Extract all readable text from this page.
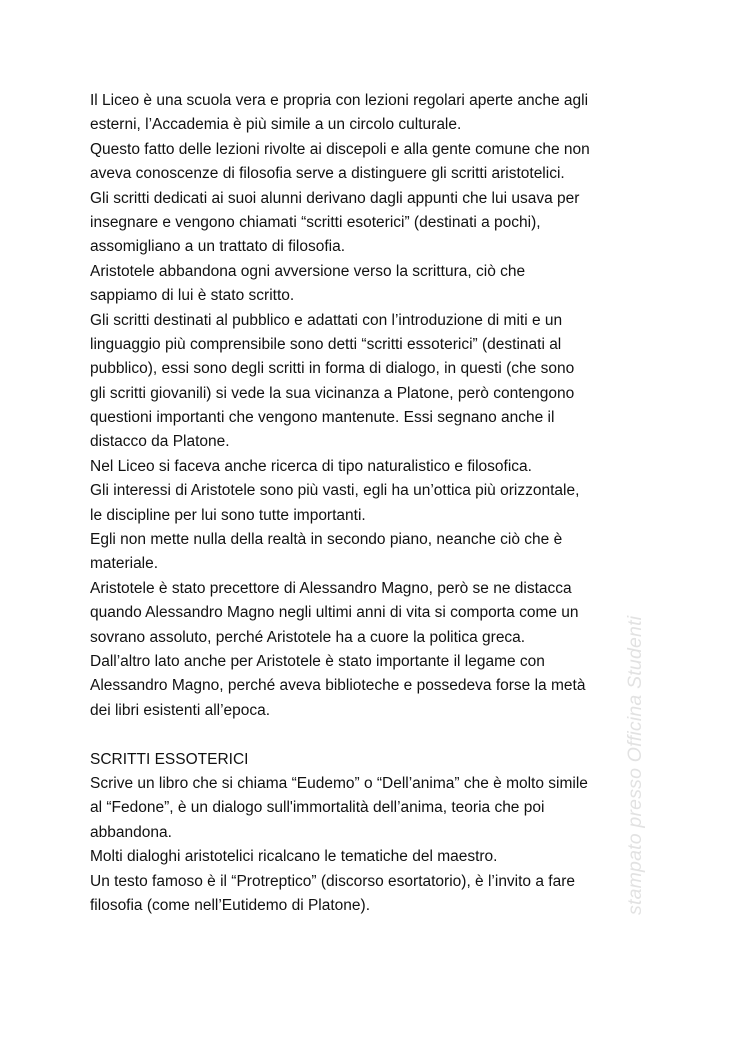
Il Liceo è una scuola vera e propria con lezioni regolari aperte anche agli
esterni, l’Accademia è più simile a un circolo culturale.
Questo fatto delle lezioni rivolte ai discepoli e alla gente comune che non
aveva conoscenze di filosofia serve a distinguere gli scritti aristotelici.
Gli scritti dedicati ai suoi alunni derivano dagli appunti che lui usava per
insegnare e vengono chiamati “scritti esoterici” (destinati a pochi),
assomigliano a un trattato di filosofia.
Aristotele abbandona ogni avversione verso la scrittura, ciò che
sappiamo di lui è stato scritto.
Gli scritti destinati al pubblico e adattati con l’introduzione di miti e un
linguaggio più comprensibile sono detti “scritti essoterici” (destinati al
pubblico), essi sono degli scritti in forma di dialogo, in questi (che sono
gli scritti giovanili) si vede la sua vicinanza a Platone, però contengono
questioni importanti che vengono mantenute. Essi segnano anche il
distacco da Platone.
Nel Liceo si faceva anche ricerca di tipo naturalistico e filosofica.
Gli interessi di Aristotele sono più vasti, egli ha un’ottica più orizzontale,
le discipline per lui sono tutte importanti.
Egli non mette nulla della realtà in secondo piano, neanche ciò che è
materiale.
Aristotele è stato precettore di Alessandro Magno, però se ne distacca
quando Alessandro Magno negli ultimi anni di vita si comporta come un
sovrano assoluto, perché Aristotele ha a cuore la politica greca.
Dall’altro lato anche per Aristotele è stato importante il legame con
Alessandro Magno, perché aveva biblioteche e possedeva forse la metà
dei libri esistenti all’epoca.
SCRITTI ESSOTERICI
Scrive un libro che si chiama “Eudemo” o “Dell’anima” che è molto simile
al “Fedone”, è un dialogo sull'immortalità dell’anima, teoria che poi
abbandona.
Molti dialoghi aristotelici ricalcano le tematiche del maestro.
Un testo famoso è il “Protreptico” (discorso esortatorio), è l’invito a fare
filosofia (come nell’Eutidemo di Platone).	stampato presso Officina Studenti
